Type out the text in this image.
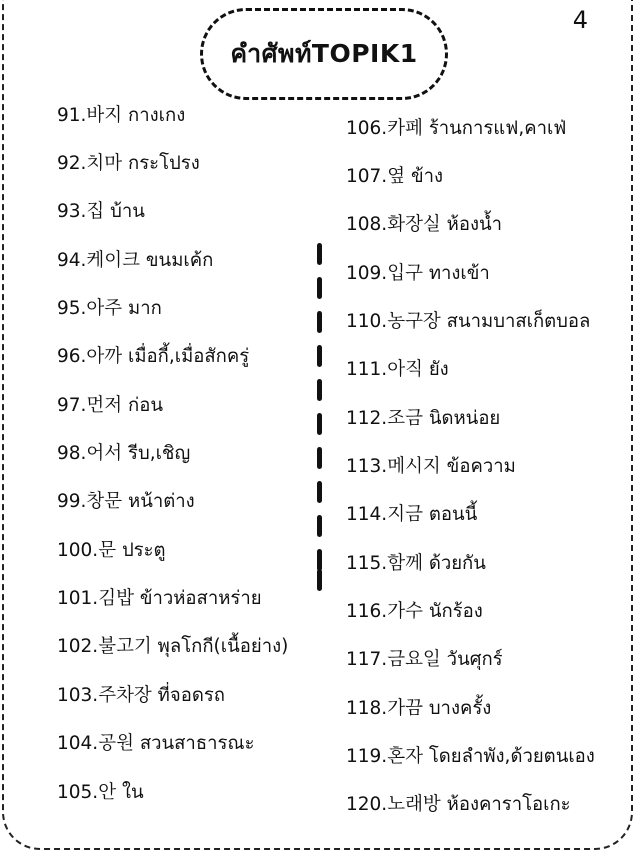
4
คำศัพท์TOPIK1
91.바지 กางเกง
92.치마 กระโปรง
93.집 บ้าน
94.케이크 ขนมเค้ก
95.아주 มาก
96.아까 เมื่อกี้,เมื่อสักครู่
97.먼저 ก่อน
98.어서 รีบ,เชิญ
99.창문 หน้าต่าง
100.문 ประตู
101.김밥 ข้าวห่อสาหร่าย
102.불고기 พุลโกกี(เนื้อย่าง)
103.주차장 ที่จอดรถ
104.공원 สวนสาธารณะ
105.안 ใน
106.카페 ร้านการแฟ,คาเฟ่
107.옆 ข้าง
108.화장실 ห้องน้ำ
109.입구 ทางเข้า
110.농구장 สนามบาสเก็ตบอล
111.아직 ยัง
112.조금 นิดหน่อย
113.메시지 ข้อความ
114.지금 ตอนนี้
115.함께 ด้วยกัน
116.가수 นักร้อง
117.금요일 วันศุกร์
118.가끔 บางครั้ง
119.혼자 โดยลำพัง,ด้วยตนเอง
120.노래방 ห้องคาราโอเกะ
